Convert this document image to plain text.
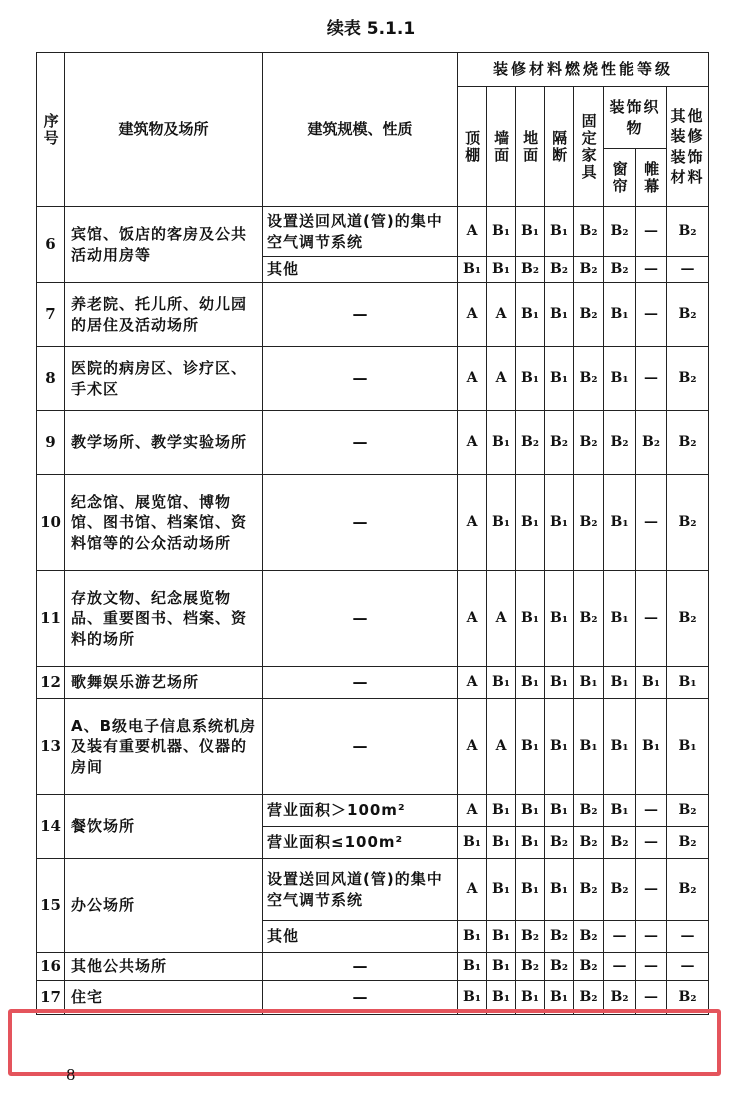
续表 5.1.1
序号	建筑物及场所	建筑规模、性质	装修材料燃烧性能等级							

			顶棚	墙面	地面	隔断	固定家具	装饰织物		其他装修装饰材料

								窗帘	帷幕	

6	宾馆、饭店的客房及公共活动用房等	设置送回风道(管)的集中空气调节系统	A	B₁	B₁	B₁	B₂	B₂	—	B₂
		其他	B₁	B₁	B₂	B₂	B₂	B₂	—	—
7	养老院、托儿所、幼儿园的居住及活动场所	—	A	A	B₁	B₁	B₂	B₁	—	B₂
8	医院的病房区、诊疗区、手术区	—	A	A	B₁	B₁	B₂	B₁	—	B₂
9	教学场所、教学实验场所	—	A	B₁	B₂	B₂	B₂	B₂	B₂	B₂
10	纪念馆、展览馆、博物馆、图书馆、档案馆、资料馆等的公众活动场所	—	A	B₁	B₁	B₁	B₂	B₁	—	B₂
11	存放文物、纪念展览物品、重要图书、档案、资料的场所	—	A	A	B₁	B₁	B₂	B₁	—	B₂
12	歌舞娱乐游艺场所	—	A	B₁	B₁	B₁	B₁	B₁	B₁	B₁
13	A、B级电子信息系统机房及装有重要机器、仪器的房间	—	A	A	B₁	B₁	B₁	B₁	B₁	B₁
14	餐饮场所	营业面积＞100m²	A	B₁	B₁	B₁	B₂	B₁	—	B₂
		营业面积≤100m²	B₁	B₁	B₁	B₂	B₂	B₂	—	B₂
15	办公场所	设置送回风道(管)的集中空气调节系统	A	B₁	B₁	B₁	B₂	B₂	—	B₂
		其他	B₁	B₁	B₂	B₂	B₂	—	—	—
16	其他公共场所	—	B₁	B₁	B₂	B₂	B₂	—	—	—
17	住宅	—	B₁	B₁	B₁	B₁	B₂	B₂	—	B₂
8
